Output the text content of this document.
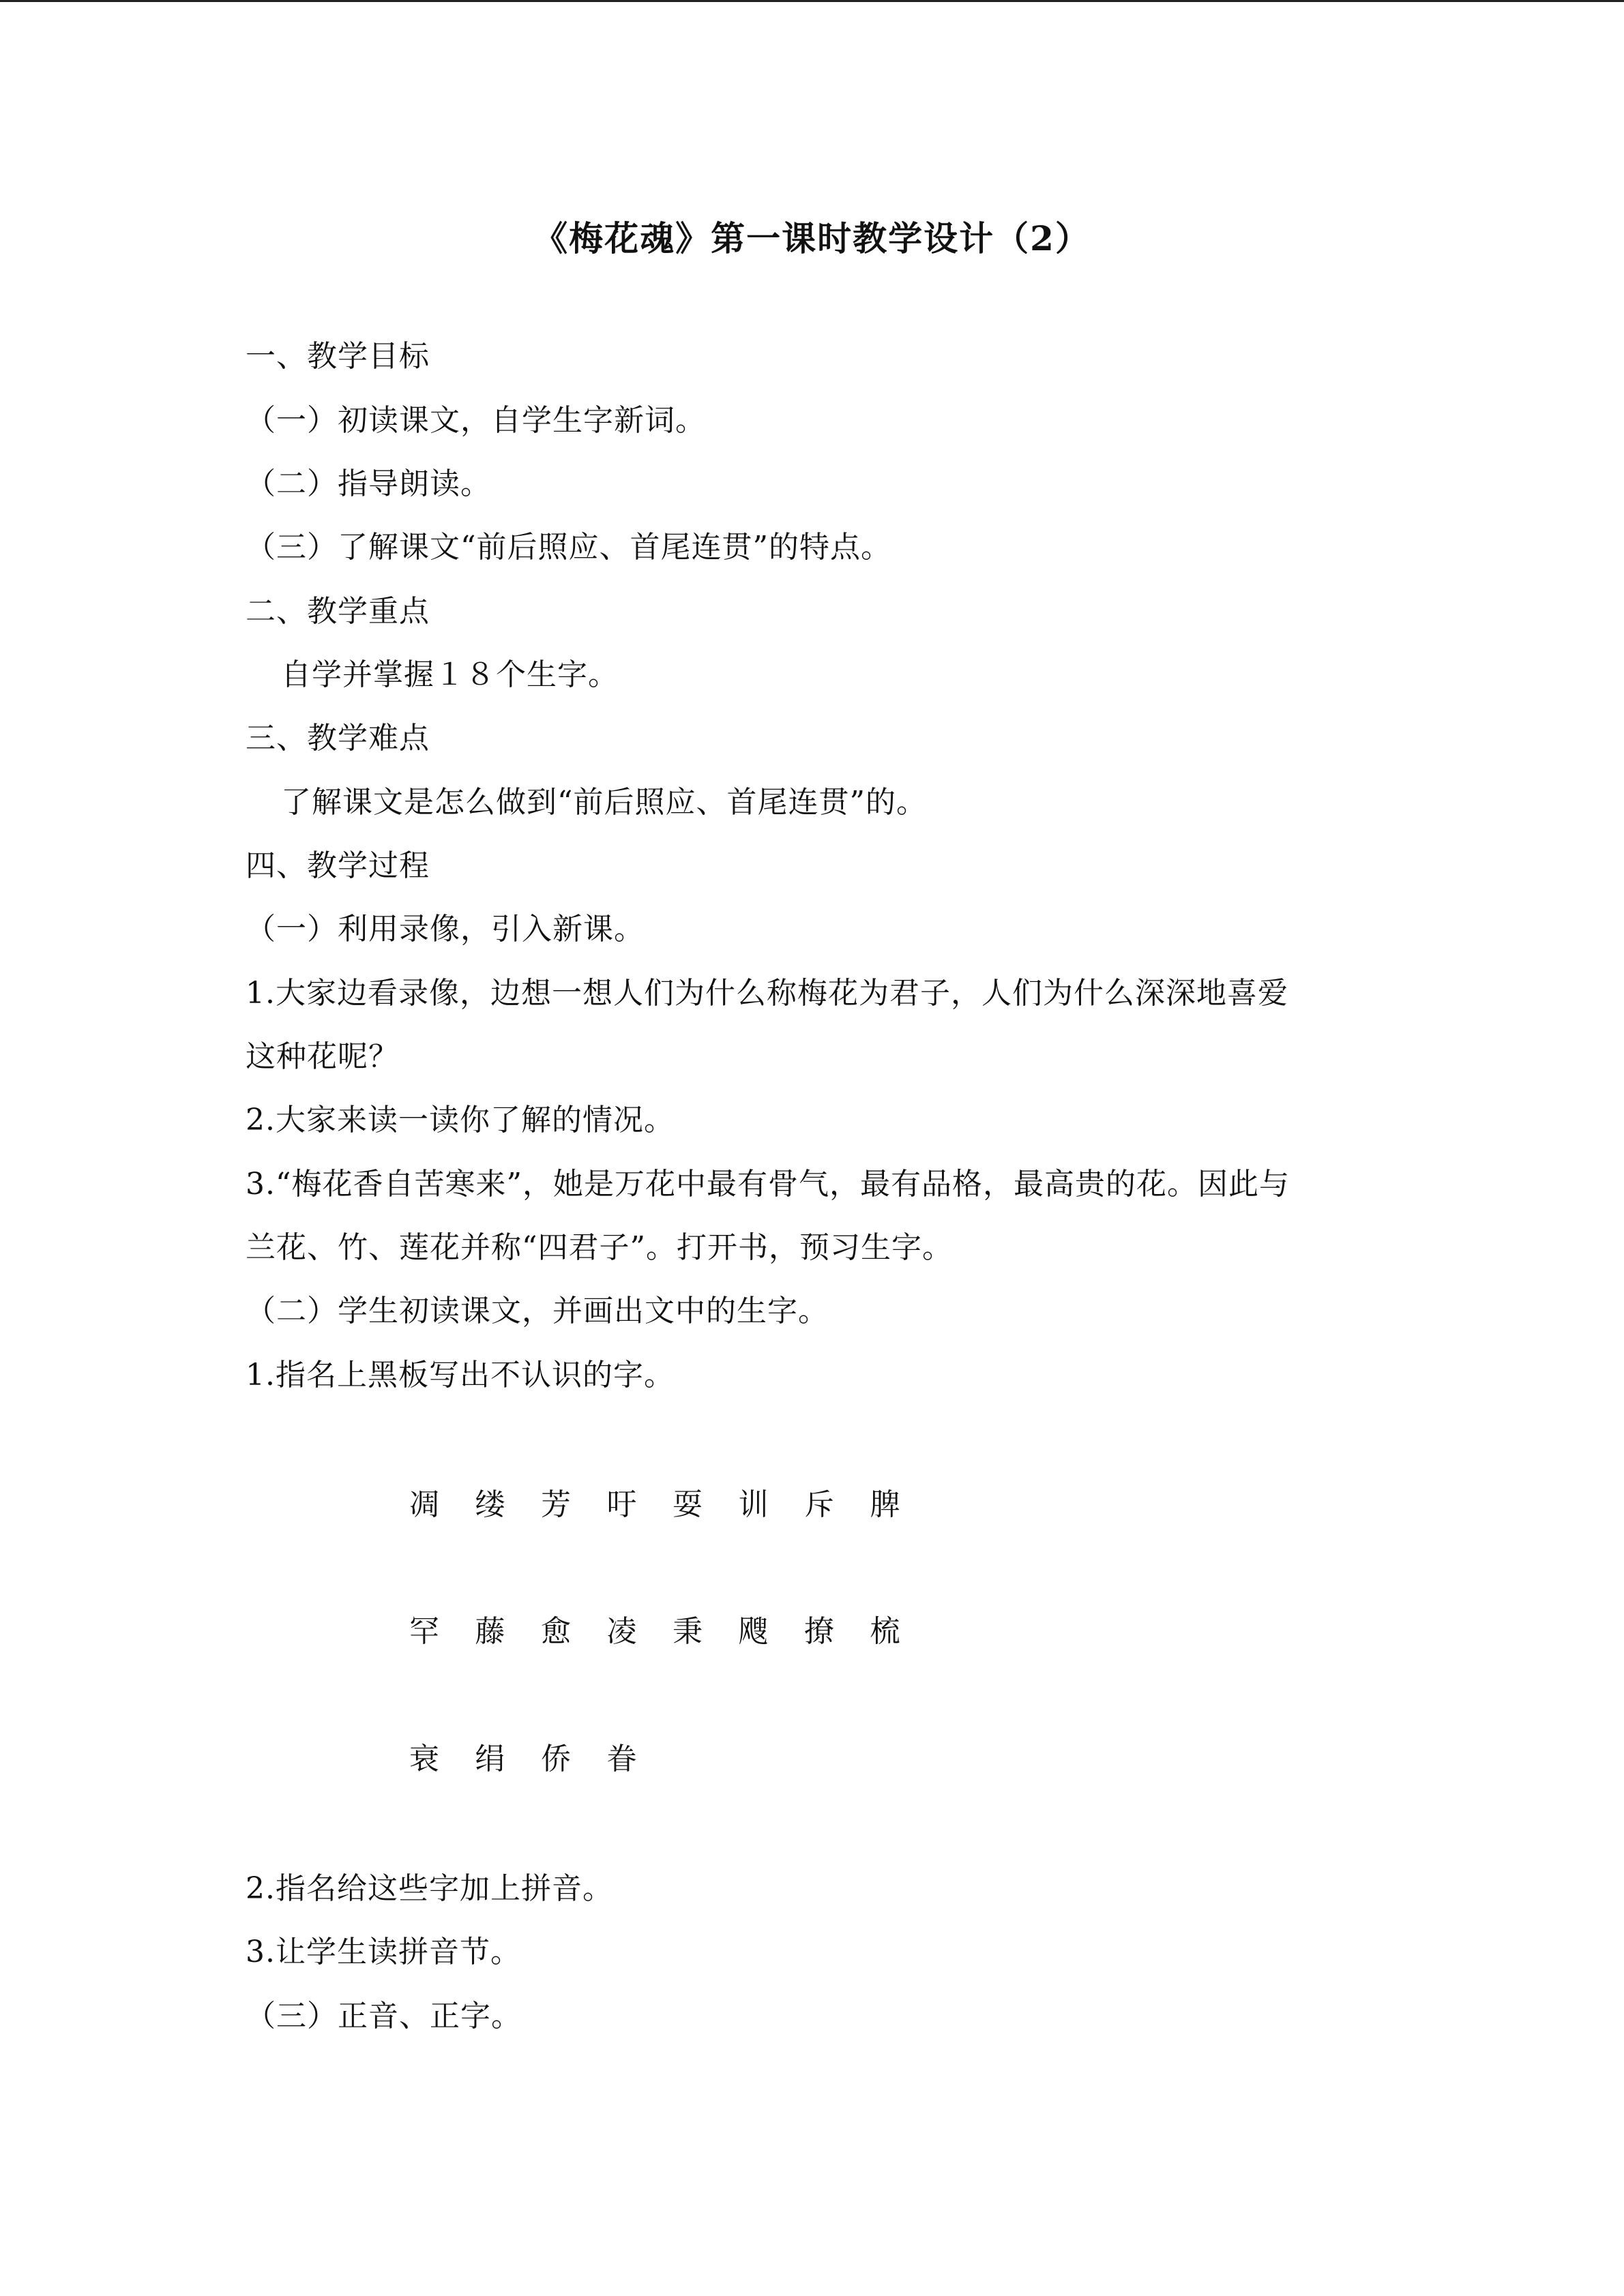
《梅花魂》第一课时教学设计（2）
一、教学目标
（一）初读课文，自学生字新词。
（二）指导朗读。
（三）了解课文“前后照应、首尾连贯”的特点。
二、教学重点
自学并掌握１８个生字。
三、教学难点
了解课文是怎么做到“前后照应、首尾连贯”的。
四、教学过程
（一）利用录像，引入新课。
1.大家边看录像，边想一想人们为什么称梅花为君子，人们为什么深深地喜爱
这种花呢？
2.大家来读一读你了解的情况。
3.“梅花香自苦寒来”，她是万花中最有骨气，最有品格，最高贵的花。因此与
兰花、竹、莲花并称“四君子”。打开书，预习生字。
（二）学生初读课文，并画出文中的生字。
1.指名上黑板写出不认识的字。
凋 缕 芳 吁 耍 训 斥 脾
罕 藤 愈 凌 秉 飕 撩 梳
衰 绢 侨 眷
2.指名给这些字加上拼音。
3.让学生读拼音节。
（三）正音、正字。
